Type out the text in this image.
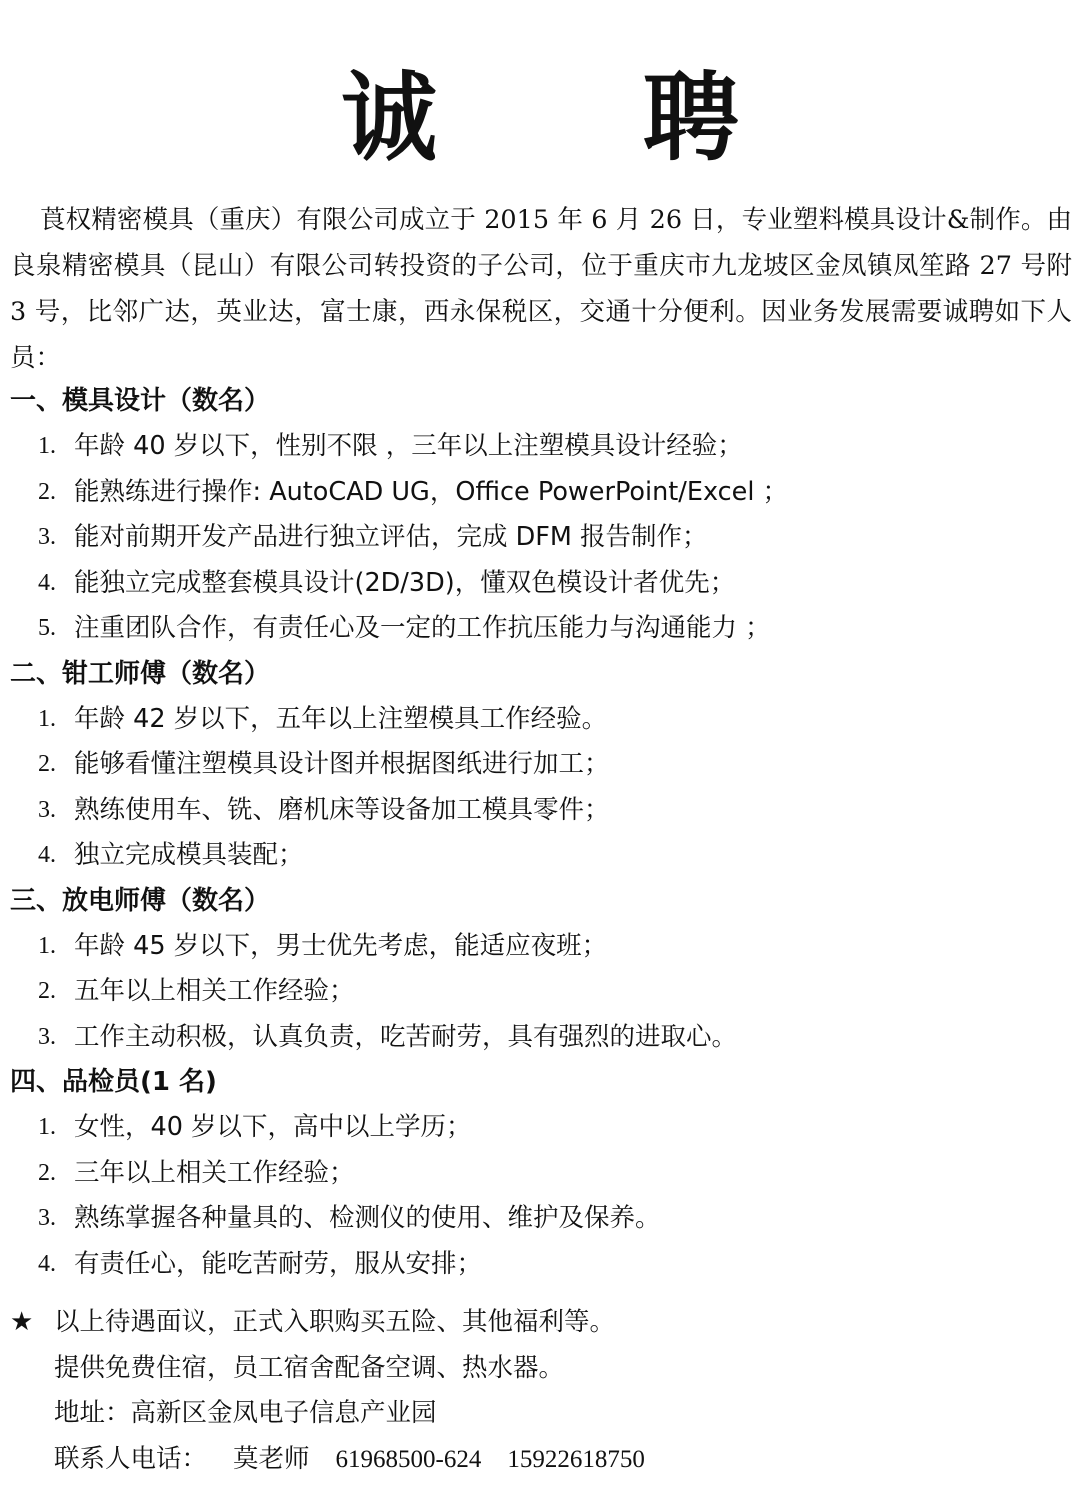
诚 聘

莨权精密模具（重庆）有限公司成立于 2015 年 6 月 26 日，专业塑料模具设计&制作。由良泉精密模具（昆山）有限公司转投资的子公司，位于重庆市九龙坡区金凤镇凤笙路 27 号附 3 号，比邻广达，英业达，富士康，西永保税区，交通十分便利。因业务发展需要诚聘如下人员：

一、模具设计（数名）
1. 年龄 40 岁以下，性别不限 ，三年以上注塑模具设计经验；
2. 能熟练进行操作: AutoCAD UG，Office PowerPoint/Excel ；
3. 能对前期开发产品进行独立评估，完成 DFM 报告制作；
4. 能独立完成整套模具设计(2D/3D)，懂双色模设计者优先；
5. 注重团队合作，有责任心及一定的工作抗压能力与沟通能力 ；
二、钳工师傅（数名）
1. 年龄 42 岁以下，五年以上注塑模具工作经验。
2. 能够看懂注塑模具设计图并根据图纸进行加工；
3. 熟练使用车、铣、磨机床等设备加工模具零件；
4. 独立完成模具装配；
三、放电师傅（数名）
1. 年龄 45 岁以下，男士优先考虑，能适应夜班；
2. 五年以上相关工作经验；
3. 工作主动积极，认真负责，吃苦耐劳，具有强烈的进取心。
四、品检员(1 名)
1. 女性，40 岁以下，高中以上学历；
2. 三年以上相关工作经验；
3. 熟练掌握各种量具的、检测仪的使用、维护及保养。
4. 有责任心，能吃苦耐劳，服从安排；
★ 以上待遇面议，正式入职购买五险、其他福利等。
提供免费住宿，员工宿舍配备空调、热水器。
地址：高新区金凤电子信息产业园
联系人电话： 莫老师 61968500-624 15922618750
